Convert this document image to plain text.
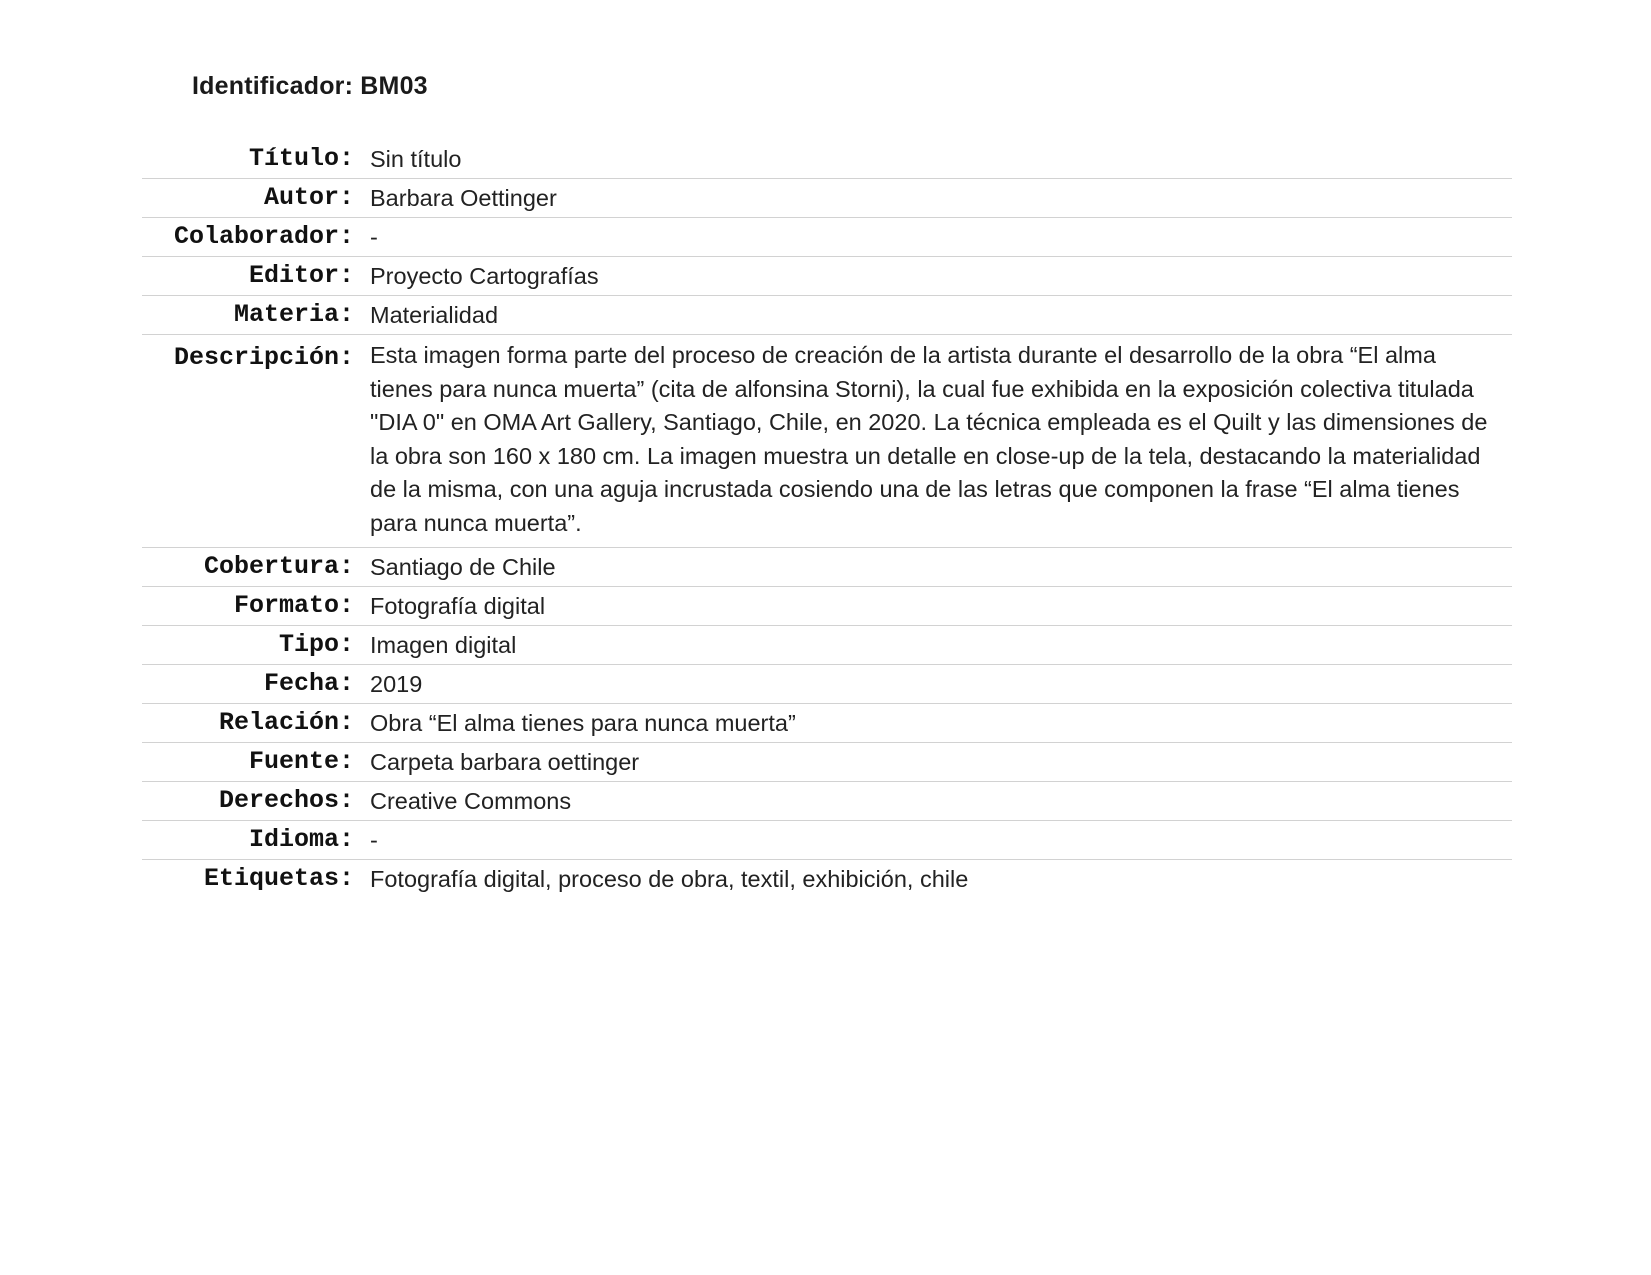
Identificador: BM03
Título:	Sin título
Autor:	Barbara Oettinger
Colaborador:	-
Editor:	Proyecto Cartografías
Materia:	Materialidad
Descripción:	Esta imagen forma parte del proceso de creación de la artista durante el desarrollo de la obra “El alma tienes para nunca muerta” (cita de alfonsina Storni), la cual fue exhibida en la exposición colectiva titulada "DIA 0" en OMA Art Gallery, Santiago, Chile, en 2020. La técnica empleada es el Quilt y las dimensiones de la obra son 160 x 180 cm. La imagen muestra un detalle en close-up de la tela, destacando la materialidad de la misma, con una aguja incrustada cosiendo una de las letras que componen la frase “El alma tienes para nunca muerta”.
Cobertura:	Santiago de Chile
Formato:	Fotografía digital
Tipo:	Imagen digital
Fecha:	2019
Relación:	Obra “El alma tienes para nunca muerta”
Fuente:	Carpeta barbara oettinger
Derechos:	Creative Commons
Idioma:	-
Etiquetas:	Fotografía digital, proceso de obra, textil, exhibición, chile
